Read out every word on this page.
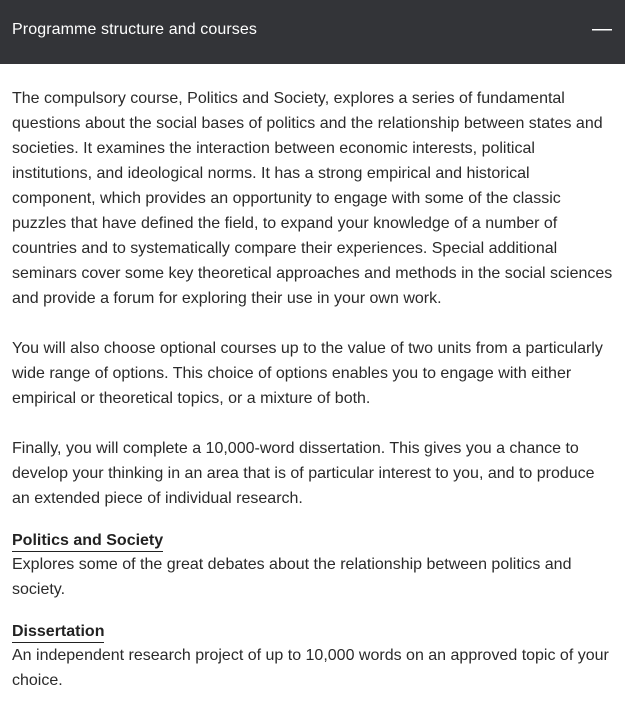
Programme structure and courses

The compulsory course, Politics and Society, explores a series of fundamental questions about the social bases of politics and the relationship between states and societies. It examines the interaction between economic interests, political institutions, and ideological norms. It has a strong empirical and historical component, which provides an opportunity to engage with some of the classic puzzles that have defined the field, to expand your knowledge of a number of countries and to systematically compare their experiences. Special additional seminars cover some key theoretical approaches and methods in the social sciences and provide a forum for exploring their use in your own work.

You will also choose optional courses up to the value of two units from a particularly wide range of options. This choice of options enables you to engage with either empirical or theoretical topics, or a mixture of both.

Finally, you will complete a 10,000-word dissertation. This gives you a chance to develop your thinking in an area that is of particular interest to you, and to produce an extended piece of individual research.

Politics and Society

Explores some of the great debates about the relationship between politics and society.

Dissertation

An independent research project of up to 10,000 words on an approved topic of your choice.
